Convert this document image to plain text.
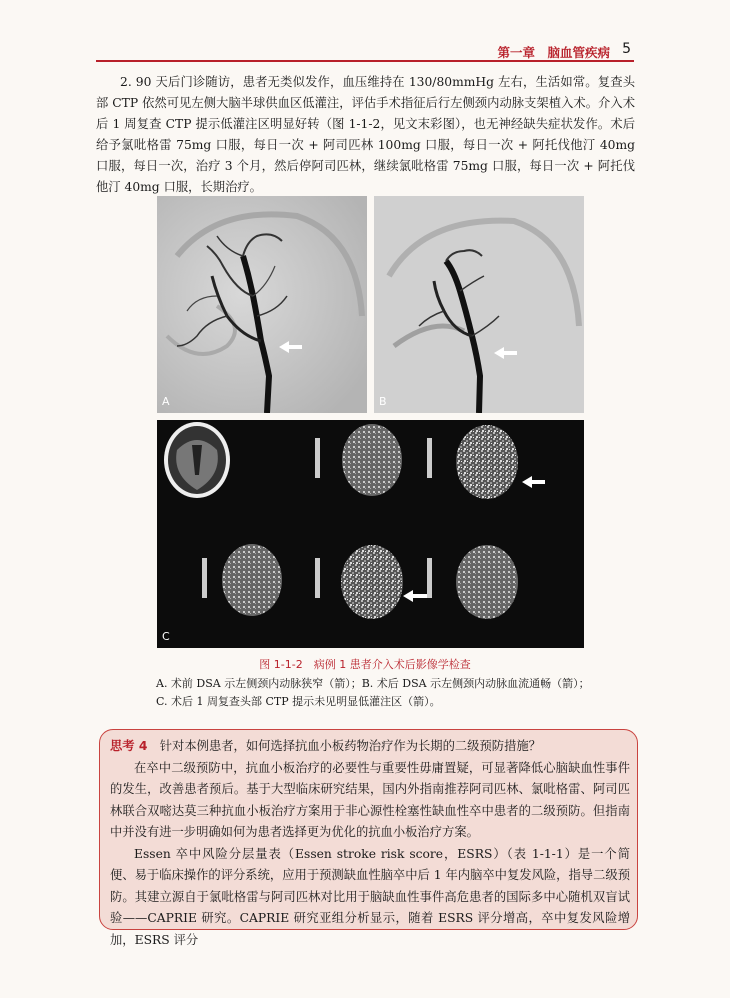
第一章　脑血管疾病 5
2. 90 天后门诊随访，患者无类似发作，血压维持在 130/80mmHg 左右，生活如常。复查头部 CTP 依然可见左侧大脑半球供血区低灌注，评估手术指征后行左侧颈内动脉支架植入术。介入术后 1 周复查 CTP 提示低灌注区明显好转（图 1-1-2，见文末彩图），也无神经缺失症状发作。术后给予氯吡格雷 75mg 口服，每日一次 + 阿司匹林 100mg 口服，每日一次 + 阿托伐他汀 40mg 口服，每日一次，治疗 3 个月，然后停阿司匹林，继续氯吡格雷 75mg 口服，每日一次 + 阿托伐他汀 40mg 口服，长期治疗。
A	B
C
图 1-1-2　病例 1 患者介入术后影像学检查
A. 术前 DSA 示左侧颈内动脉狭窄（箭）；B. 术后 DSA 示左侧颈内动脉血流通畅（箭）；
C. 术后 1 周复查头部 CTP 提示未见明显低灌注区（箭）。

思考 4　 针对本例患者，如何选择抗血小板药物治疗作为长期的二级预防措施？

在卒中二级预防中，抗血小板治疗的必要性与重要性毋庸置疑，可显著降低心脑缺血性事件的发生，改善患者预后。基于大型临床研究结果，国内外指南推荐阿司匹林、氯吡格雷、阿司匹林联合双嘧达莫三种抗血小板治疗方案用于非心源性栓塞性缺血性卒中患者的二级预防。但指南中并没有进一步明确如何为患者选择更为优化的抗血小板治疗方案。

Essen 卒中风险分层量表（Essen stroke risk score，ESRS）（表 1-1-1）是一个简便、易于临床操作的评分系统，应用于预测缺血性脑卒中后 1 年内脑卒中复发风险，指导二级预防。其建立源自于氯吡格雷与阿司匹林对比用于脑缺血性事件高危患者的国际多中心随机双盲试验——CAPRIE 研究。CAPRIE 研究亚组分析显示，随着 ESRS 评分增高，卒中复发风险增加，ESRS 评分
